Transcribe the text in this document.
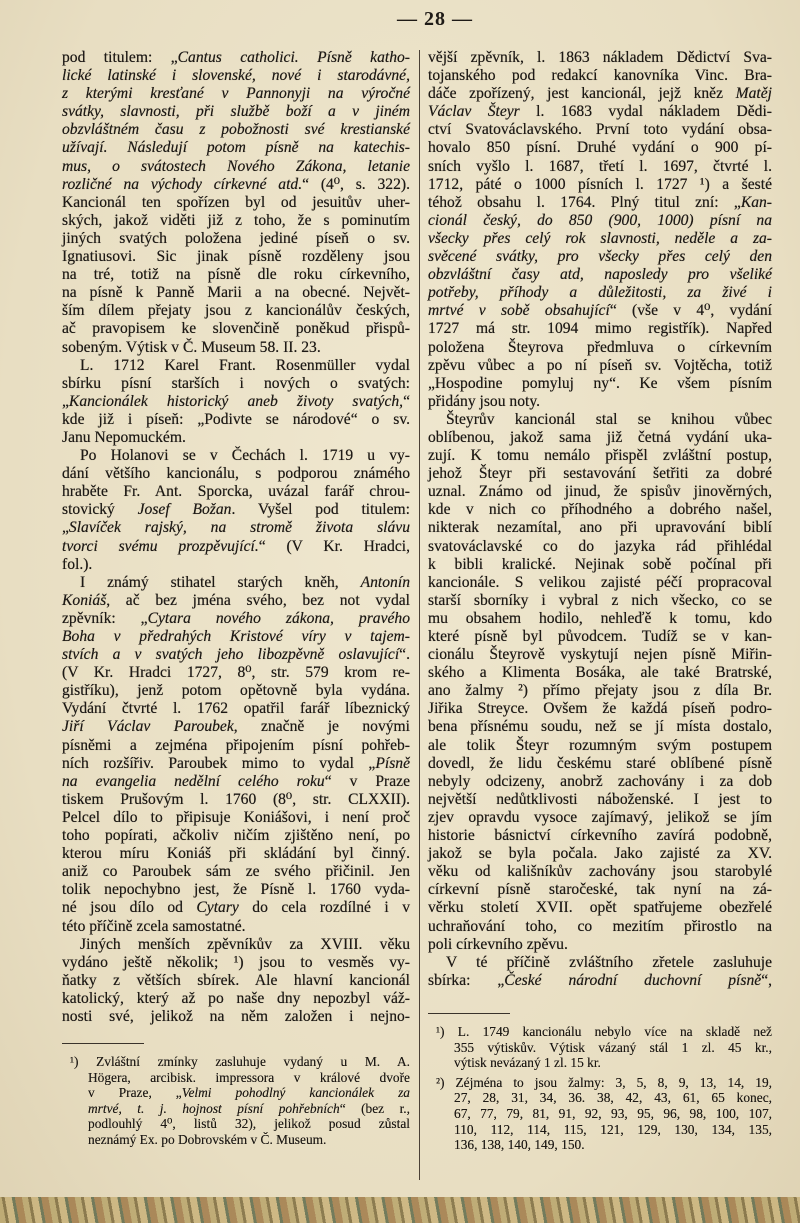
— 28 —
pod titulem: „Cantus catholici. Písně katho-
lické latinské i slovenské, nové i starodávné,
z kterými kresťané v Pannonyji na výročné
svátky, slavnosti, při službě boží a v jiném
obzvláštném času z pobožnosti své krestianské
užívají. Následují potom písně na katechis-
mus, o svátostech Nového Zákona, letanie
rozličné na východy církevné atd.“ (4⁰, s. 322).
Kancionál ten spořízen byl od jesuitův uher-
ských, jakož viděti již z toho, že s pominutím
jiných svatých položena jediné píseň o sv.
Ignatiusovi. Sic jinak písně rozděleny jsou
na tré, totiž na písně dle roku církevního,
na písně k Panně Marii a na obecné. Největ-
ším dílem přejaty jsou z kancionálův českých,
ač pravopisem ke slovenčině poněkud přispů-
sobeným. Výtisk v Č. Museum 58. II. 23.
L. 1712 Karel Frant. Rosenmüller vydal
sbírku písní starších i nových o svatých:
„Kancionálek historický aneb životy svatých,“
kde již i píseň: „Podivte se národové“ o sv.
Janu Nepomuckém.
Po Holanovi se v Čechách l. 1719 u vy-
dání většího kancionálu, s podporou známého
hraběte Fr. Ant. Sporcka, uvázal farář chrou-
stovický Josef Božan. Vyšel pod titulem:
„Slavíček rajský, na stromě života slávu
tvorci svému prozpěvující.“ (V Kr. Hradci,
fol.).
I známý stihatel starých kněh, Antonín
Koniáš, ač bez jména svého, bez not vydal
zpěvník: „Cytara nového zákona, pravého
Boha v předrahých Kristové víry v tajem-
stvích a v svatých jeho libozpěvně oslavující“.
(V Kr. Hradci 1727, 8⁰, str. 579 krom re-
gistříku), jenž potom opětovně byla vydána.
Vydání čtvrté l. 1762 opatřil farář líbeznický
Jiří Václav Paroubek, značně je novými
písněmi a zejména připojením písní pohřeb-
ních rozšířiv. Paroubek mimo to vydal „Písně
na evangelia nedělní celého roku“ v Praze
tiskem Prušovým l. 1760 (8⁰, str. CLXXII).
Pelcel dílo to připisuje Koniášovi, i není proč
toho popírati, ačkoliv ničím zjištěno není, po
kterou míru Koniáš při skládání byl činný.
aniž co Paroubek sám ze svého přičinil. Jen
tolik nepochybno jest, že Písně l. 1760 vyda-
né jsou dílo od Cytary do cela rozdílné i v
této příčině zcela samostatné.
Jiných menších zpěvníkův za XVIII. věku
vydáno ještě několik; ¹) jsou to vesměs vy-
ňatky z větších sbírek. Ale hlavní kancionál
katolický, který až po naše dny nepozbyl váž-
nosti své, jelikož na něm založen i nejno-
vější zpěvník, l. 1863 nákladem Dědictví Sva-
tojanského pod redakcí kanovníka Vinc. Bra-
dáče zpořízený, jest kancionál, jejž kněz Matěj
Václav Šteyr l. 1683 vydal nákladem Dědi-
ctví Svatováclavského. První toto vydání obsa-
hovalo 850 písní. Druhé vydání o 900 pí-
sních vyšlo l. 1687, třetí l. 1697, čtvrté l.
1712, páté o 1000 písních l. 1727 ¹) a šesté
téhož obsahu l. 1764. Plný titul zní: „Kan-
cionál český, do 850 (900, 1000) písní na
všecky přes celý rok slavnosti, neděle a za-
svěcené svátky, pro všecky přes celý den
obzvláštní časy atd, naposledy pro všeliké
potřeby, příhody a důležitosti, za živé i
mrtvé v sobě obsahující“ (vše v 4⁰, vydání
1727 má str. 1094 mimo registřík). Napřed
položena Šteyrova předmluva o církevním
zpěvu vůbec a po ní píseň sv. Vojtěcha, totiž
„Hospodine pomyluj ny“. Ke všem písním
přidány jsou noty.
Šteyrův kancionál stal se knihou vůbec
oblíbenou, jakož sama již četná vydání uka-
zují. K tomu nemálo přispěl zvláštní postup,
jehož Šteyr při sestavování šetřiti za dobré
uznal. Známo od jinud, že spisův jinověrných,
kde v nich co příhodného a dobrého našel,
nikterak nezamítal, ano při upravování biblí
svatováclavské co do jazyka rád přihlédal
k bibli kralické. Nejinak sobě počínal při
kancionále. S velikou zajisté péčí propracoval
starší sborníky i vybral z nich všecko, co se
mu obsahem hodilo, nehleďě k tomu, kdo
které písně byl původcem. Tudíž se v kan-
cionálu Šteyrově vyskytují nejen písně Miřin-
ského a Klimenta Bosáka, ale také Bratrské,
ano žalmy ²) přímo přejaty jsou z díla Br.
Jiřika Streyce. Ovšem že každá píseň podro-
bena přísnému soudu, než se jí místa dostalo,
ale tolik Šteyr rozumným svým postupem
dovedl, že lidu českému staré oblíbené písně
nebyly odcizeny, anobrž zachovány i za dob
největší nedůtklivosti náboženské. I jest to
zjev opravdu vysoce zajímavý, jelikož se jím
historie básnictví církevního zavírá podobně,
jakož se byla počala. Jako zajisté za XV.
věku od kališníkův zachovány jsou starobylé
církevní písně staročeské, tak nyní na zá-
věrku století XVII. opět spatřujeme obezřelé
uchraňování toho, co mezitím přirostlo na
poli církevního zpěvu.
V té příčině zvláštního zřetele zasluhuje
sbírka: „České národní duchovní písně“,
¹) Zvláštní zmínky zasluhuje vydaný u M. A.
Högera, arcibisk. impressora v králové dvoře
v Praze, „Velmi pohodlný kancionálek za
mrtvé, t. j. hojnost písní pohřebních“ (bez r.,
podlouhlý 4⁰, listů 32), jelikož posud zůstal
neznámý Ex. po Dobrovském v Č. Museum.
¹) L. 1749 kancionálu nebylo více na skladě než
355 výtiskův. Výtisk vázaný stál 1 zl. 45 kr.,
výtisk nevázaný 1 zl. 15 kr.
²) Zéjména to jsou žalmy: 3, 5, 8, 9, 13, 14, 19,
27, 28, 31, 34, 36. 38, 42, 43, 61, 65 konec,
67, 77, 79, 81, 91, 92, 93, 95, 96, 98, 100, 107,
110, 112, 114, 115, 121, 129, 130, 134, 135,
136, 138, 140, 149, 150.
